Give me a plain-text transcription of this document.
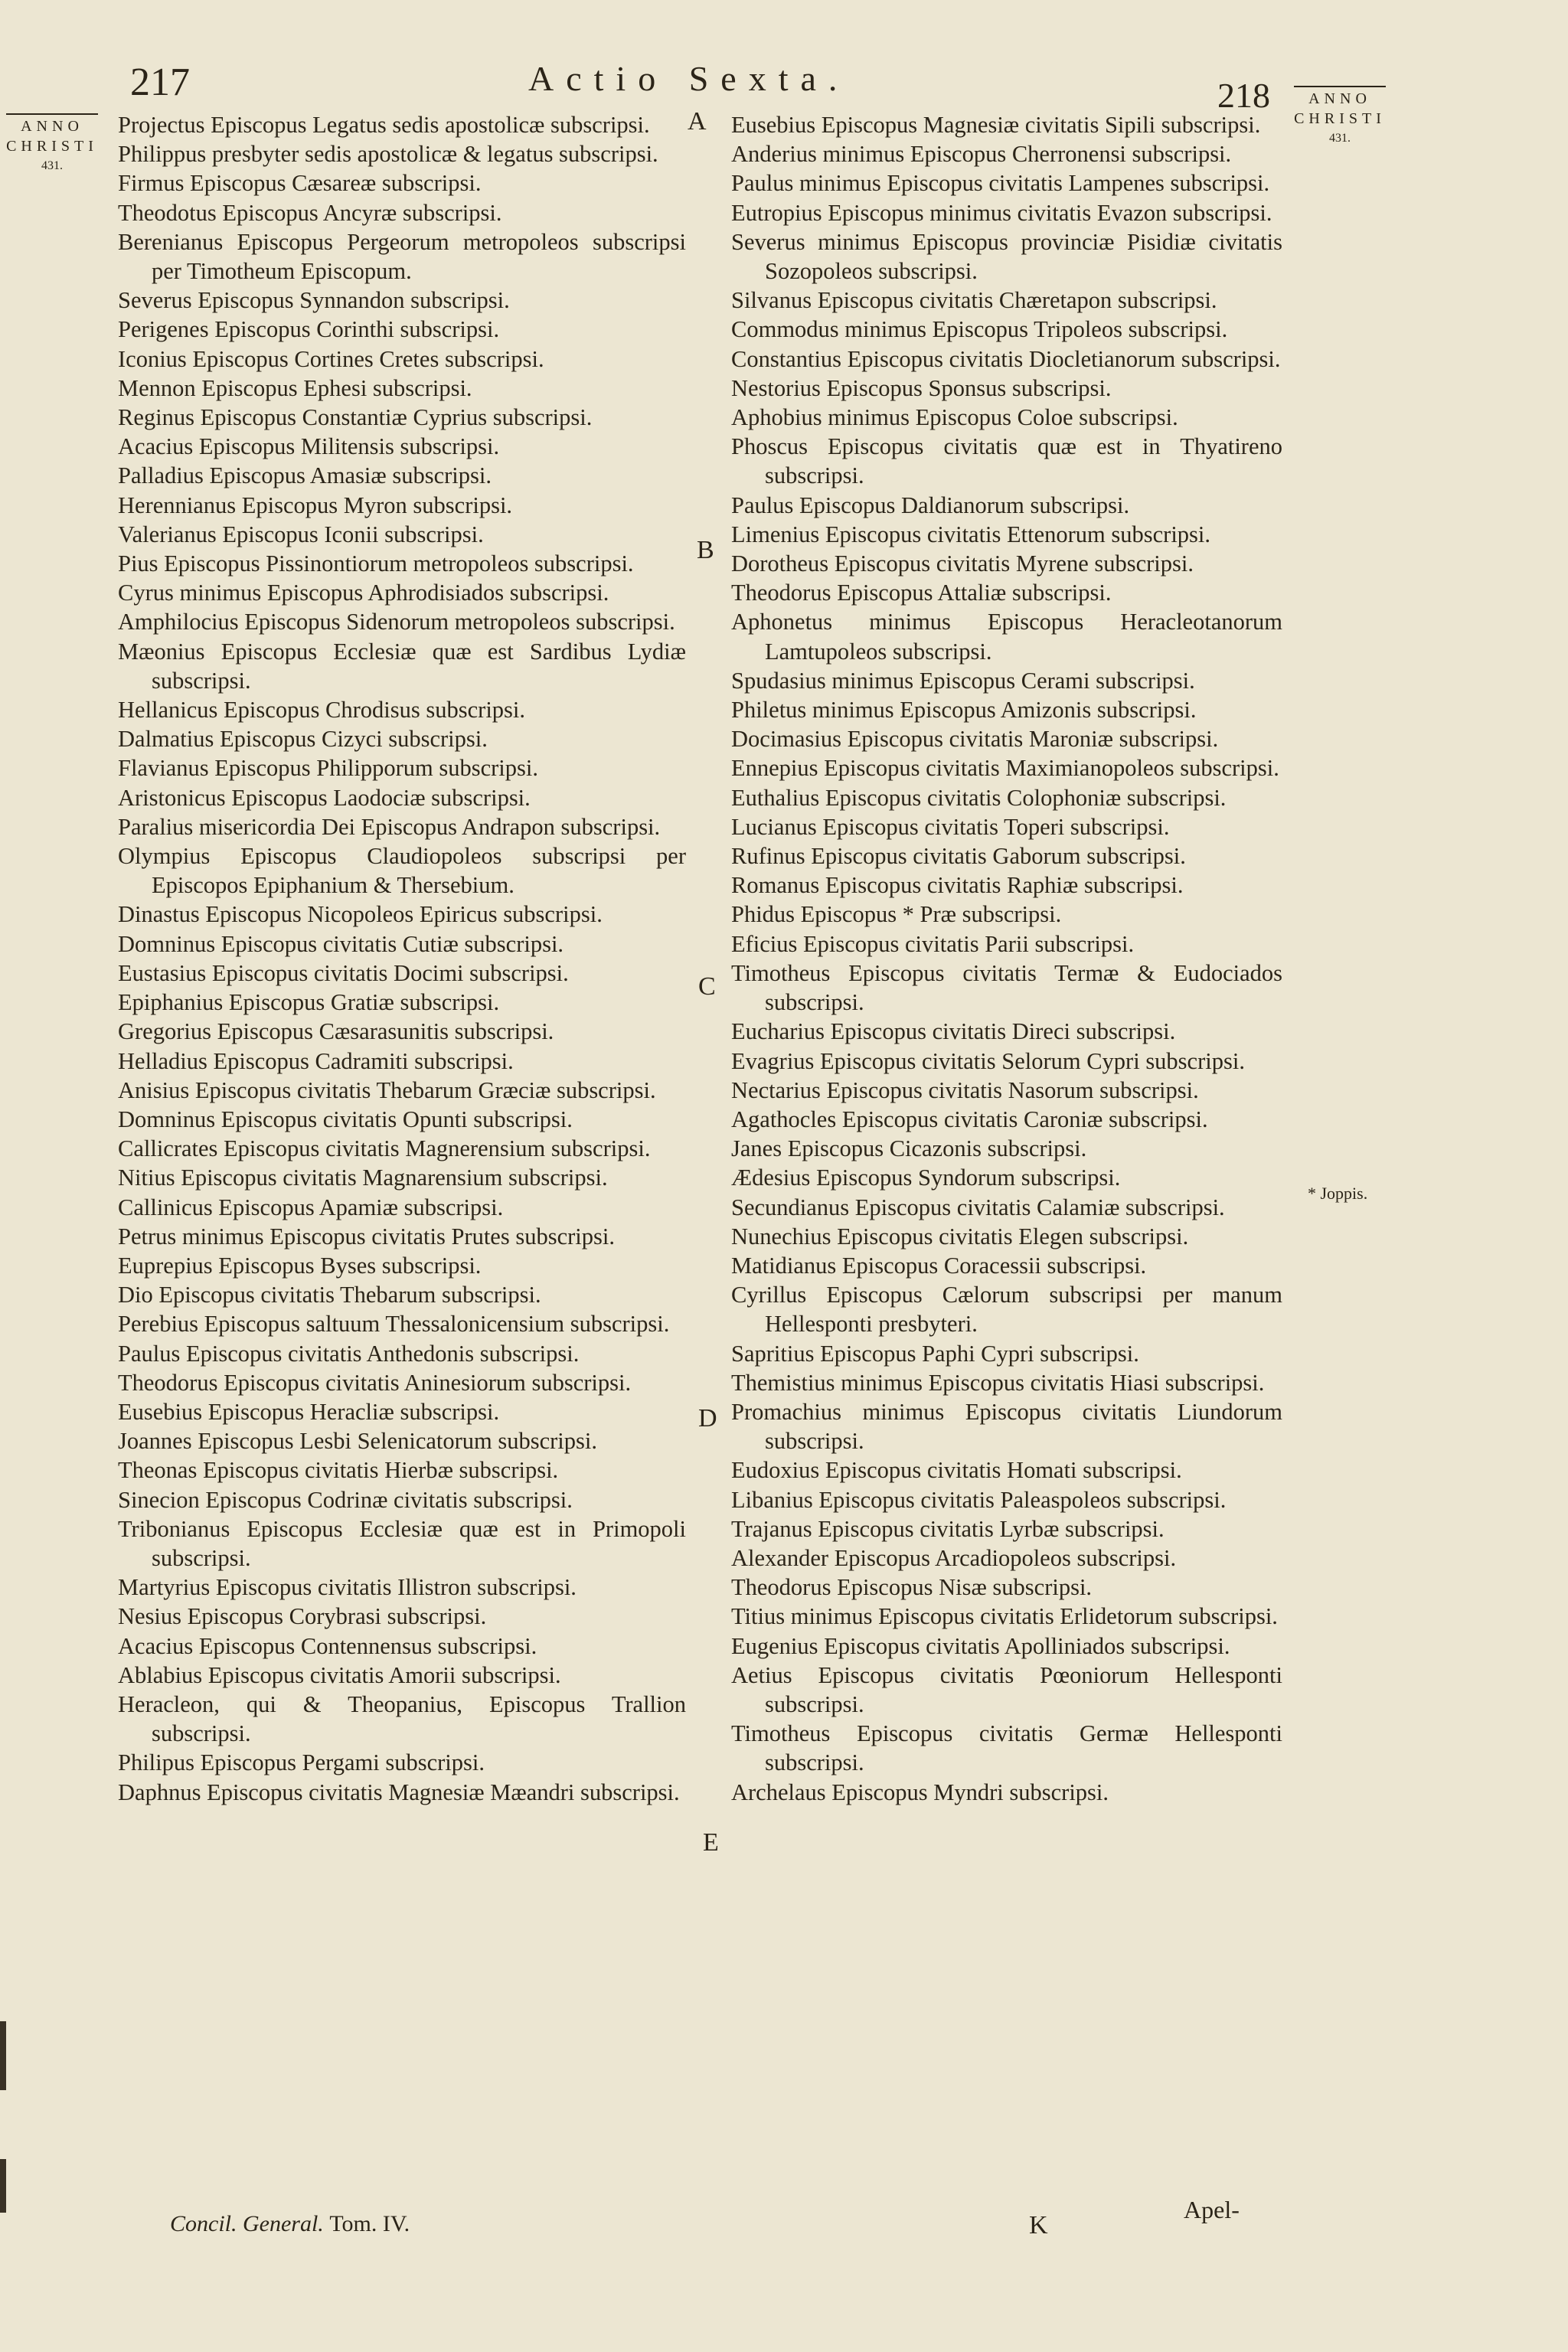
217	Actio Sexta.	218
ANNO
CHRISTI
431.
ANNO
CHRISTI
431.
* Joppis.
Projectus Episcopus Legatus sedis apostolicæ subscripsi.
Philippus presbyter sedis apostolicæ & legatus subscripsi.
Firmus Episcopus Cæsareæ subscripsi.
Theodotus Episcopus Ancyræ subscripsi.
Berenianus Episcopus Pergeorum metropoleos subscripsi per Timotheum Episcopum.
Severus Episcopus Synnandon subscripsi.
Perigenes Episcopus Corinthi subscripsi.
Iconius Episcopus Cortines Cretes subscripsi.
Mennon Episcopus Ephesi subscripsi.
Reginus Episcopus Constantiæ Cyprius subscripsi.
Acacius Episcopus Militensis subscripsi.
Palladius Episcopus Amasiæ subscripsi.
Herennianus Episcopus Myron subscripsi.
Valerianus Episcopus Iconii subscripsi.
Pius Episcopus Pissinontiorum metropoleos subscripsi.
Cyrus minimus Episcopus Aphrodisiados subscripsi.
Amphilocius Episcopus Sidenorum metropoleos subscripsi.
Mæonius Episcopus Ecclesiæ quæ est Sardibus Lydiæ subscripsi.
Hellanicus Episcopus Chrodisus subscripsi.
Dalmatius Episcopus Cizyci subscripsi.
Flavianus Episcopus Philipporum subscripsi.
Aristonicus Episcopus Laodociæ subscripsi.
Paralius misericordia Dei Episcopus Andrapon subscripsi.
Olympius Episcopus Claudiopoleos subscripsi per Episcopos Epiphanium & Thersebium.
Dinastus Episcopus Nicopoleos Epiricus subscripsi.
Domninus Episcopus civitatis Cutiæ subscripsi.
Eustasius Episcopus civitatis Docimi subscripsi.
Epiphanius Episcopus Gratiæ subscripsi.
Gregorius Episcopus Cæsarasunitis subscripsi.
Helladius Episcopus Cadramiti subscripsi.
Anisius Episcopus civitatis Thebarum Græciæ subscripsi.
Domninus Episcopus civitatis Opunti subscripsi.
Callicrates Episcopus civitatis Magnerensium subscripsi.
Nitius Episcopus civitatis Magnarensium subscripsi.
Callinicus Episcopus Apamiæ subscripsi.
Petrus minimus Episcopus civitatis Prutes subscripsi.
Euprepius Episcopus Byses subscripsi.
Dio Episcopus civitatis Thebarum subscripsi.
Perebius Episcopus saltuum Thessalonicensium subscripsi.
Paulus Episcopus civitatis Anthedonis subscripsi.
Theodorus Episcopus civitatis Aninesiorum subscripsi.
Eusebius Episcopus Heracliæ subscripsi.
Joannes Episcopus Lesbi Selenicatorum subscripsi.
Theonas Episcopus civitatis Hierbæ subscripsi.
Sinecion Episcopus Codrinæ civitatis subscripsi.
Tribonianus Episcopus Ecclesiæ quæ est in Primopoli subscripsi.
Martyrius Episcopus civitatis Illistron subscripsi.
Nesius Episcopus Corybrasi subscripsi.
Acacius Episcopus Contennensus subscripsi.
Ablabius Episcopus civitatis Amorii subscripsi.
Heracleon, qui & Theopanius, Episcopus Trallion subscripsi.
Philipus Episcopus Pergami subscripsi.
Daphnus Episcopus civitatis Magnesiæ Mæandri subscripsi.
Eusebius Episcopus Magnesiæ civitatis Sipili subscripsi.
Anderius minimus Episcopus Cherronensi subscripsi.
Paulus minimus Episcopus civitatis Lampenes subscripsi.
Eutropius Episcopus minimus civitatis Evazon subscripsi.
Severus minimus Episcopus provinciæ Pisidiæ civitatis Sozopoleos subscripsi.
Silvanus Episcopus civitatis Chæretapon subscripsi.
Commodus minimus Episcopus Tripoleos subscripsi.
Constantius Episcopus civitatis Diocletianorum subscripsi.
Nestorius Episcopus Sponsus subscripsi.
Aphobius minimus Episcopus Coloe subscripsi.
Phoscus Episcopus civitatis quæ est in Thyatireno subscripsi.
Paulus Episcopus Daldianorum subscripsi.
Limenius Episcopus civitatis Ettenorum subscripsi.
Dorotheus Episcopus civitatis Myrene subscripsi.
Theodorus Episcopus Attaliæ subscripsi.
Aphonetus minimus Episcopus Heracleotanorum Lamtupoleos subscripsi.
Spudasius minimus Episcopus Cerami subscripsi.
Philetus minimus Episcopus Amizonis subscripsi.
Docimasius Episcopus civitatis Maroniæ subscripsi.
Ennepius Episcopus civitatis Maximianopoleos subscripsi.
Euthalius Episcopus civitatis Colophoniæ subscripsi.
Lucianus Episcopus civitatis Toperi subscripsi.
Rufinus Episcopus civitatis Gaborum subscripsi.
Romanus Episcopus civitatis Raphiæ subscripsi.
Phidus Episcopus * Præ subscripsi.
Eficius Episcopus civitatis Parii subscripsi.
Timotheus Episcopus civitatis Termæ & Eudociados subscripsi.
Eucharius Episcopus civitatis Direci subscripsi.
Evagrius Episcopus civitatis Selorum Cypri subscripsi.
Nectarius Episcopus civitatis Nasorum subscripsi.
Agathocles Episcopus civitatis Caroniæ subscripsi.
Janes Episcopus Cicazonis subscripsi.
Ædesius Episcopus Syndorum subscripsi.
Secundianus Episcopus civitatis Calamiæ subscripsi.
Nunechius Episcopus civitatis Elegen subscripsi.
Matidianus Episcopus Coracessii subscripsi.
Cyrillus Episcopus Cælorum subscripsi per manum Hellesponti presbyteri.
Sapritius Episcopus Paphi Cypri subscripsi.
Themistius minimus Episcopus civitatis Hiasi subscripsi.
Promachius minimus Episcopus civitatis Liundorum subscripsi.
Eudoxius Episcopus civitatis Homati subscripsi.
Libanius Episcopus civitatis Paleaspoleos subscripsi.
Trajanus Episcopus civitatis Lyrbæ subscripsi.
Alexander Episcopus Arcadiopoleos subscripsi.
Theodorus Episcopus Nisæ subscripsi.
Titius minimus Episcopus civitatis Erlidetorum subscripsi.
Eugenius Episcopus civitatis Apolliniados subscripsi.
Aetius Episcopus civitatis Pœoniorum Hellesponti subscripsi.
Timotheus Episcopus civitatis Germæ Hellesponti subscripsi.
Archelaus Episcopus Myndri subscripsi.
A
B
C
D
E
Concil. General. Tom. IV.	K
Apel-
